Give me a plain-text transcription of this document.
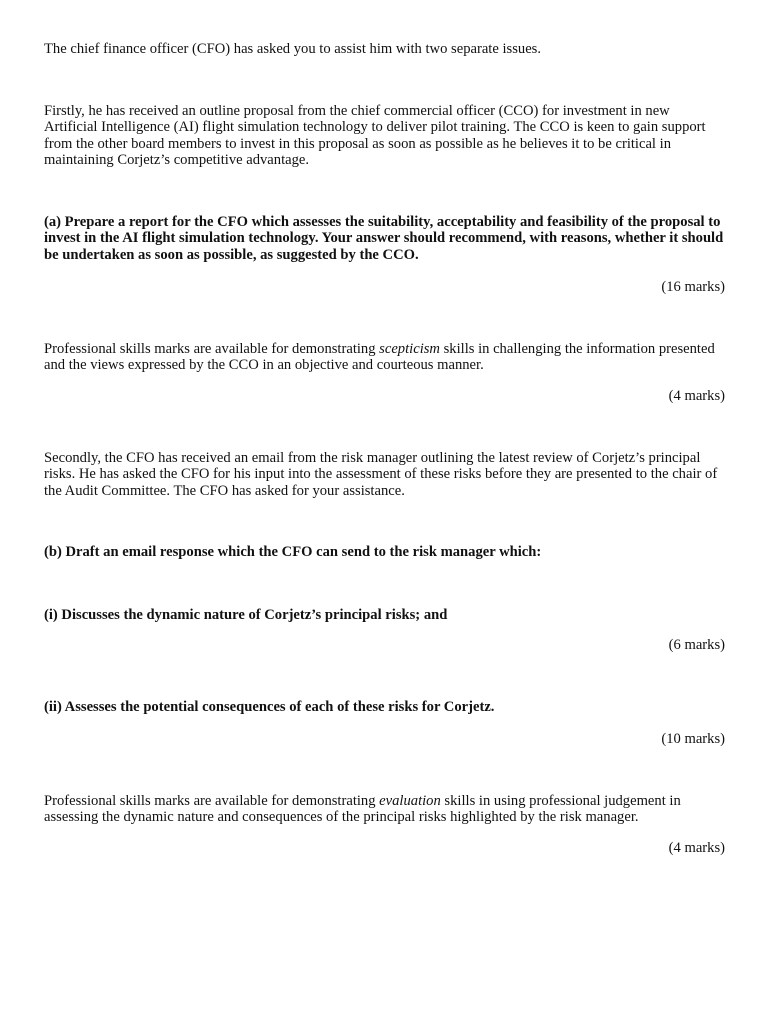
The chief finance officer (CFO) has asked you to assist him with two separate issues.

Firstly, he has received an outline proposal from the chief commercial officer (CCO) for investment in new Artificial Intelligence (AI) flight simulation technology to deliver pilot training. The CCO is keen to gain support from the other board members to invest in this proposal as soon as possible as he believes it to be critical in maintaining Corjetz’s competitive advantage.

(a) Prepare a report for the CFO which assesses the suitability, acceptability and feasibility of the proposal to invest in the AI flight simulation technology. Your answer should recommend, with reasons, whether it should be undertaken as soon as possible, as suggested by the CCO.

(16 marks)

Professional skills marks are available for demonstrating scepticism skills in challenging the information presented and the views expressed by the CCO in an objective and courteous manner.

(4 marks)

Secondly, the CFO has received an email from the risk manager outlining the latest review of Corjetz’s principal risks. He has asked the CFO for his input into the assessment of these risks before they are presented to the chair of the Audit Committee. The CFO has asked for your assistance.

(b) Draft an email response which the CFO can send to the risk manager which:

(i) Discusses the dynamic nature of Corjetz’s principal risks; and

(6 marks)

(ii) Assesses the potential consequences of each of these risks for Corjetz.

(10 marks)

Professional skills marks are available for demonstrating evaluation skills in using professional judgement in assessing the dynamic nature and consequences of the principal risks highlighted by the risk manager.

(4 marks)
